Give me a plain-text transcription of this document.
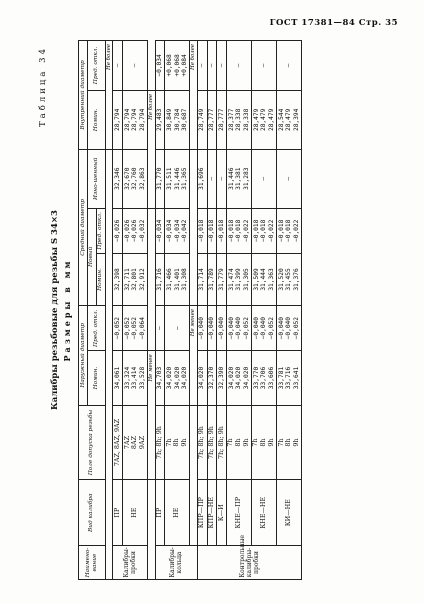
ГОСТ 17381—84 Стр. 35
Таблица 34
Калибры резьбовые для резьбы S 34×3 Размеры в мм
Наимено-вание	Вид калибра	Поле допуска резьбы	Наружный диаметр		Средний диаметр			Внутренний диаметр	
			Номин.	Пред. откл.	Новый		Изно-шенный	Номин.	Пред. откл.
					Номин.	Пред. откл.			
								Не более	
Калибры-пробки	ПР	7AZ, 8AZ, 9AZ	34,061	−0,052	32,398	−0,026	32,346	28,794	—

	НЕ	7AZ 8AZ 9AZ	33,324 33,414 33,528	−0,052 −0,052 −0,064	32,711 32,801 32,912	−0,026 −0,026 −0,032	32,670 32,760 32,863	28,794 28,794 28,794	—

		Не менее					Не более		
Калибры-кольца	ПР	7h; 8h; 9h	34,703	—	31,716	−0,034	31,770	29,483	−0,034

	НЕ	7h 8h 9h	34,020 34,020 34,020	—	31,466 31,401 31,308	−0,034 −0,034 −0,042	31,511 31,446 31,365	30,849 30,784 30,687	+0,068 +0,068 +0,084

			Не менее					Не более	
Контрольные калибры-пробки	КПР—ПР	7h; 8h; 9h	34,020	−0,040	31,714	−0,018	31,696	28,749	—

	КПР—НЕ	7h; 8h; 9h	32,370	−0,040	31,789	−0,018	—	28,777	—

	К—И	7h; 8h; 9h	32,390	−0,040	31,779	−0,018	—	28,777	—

	КНЕ—ПР	7h 8h 9h	34,020 34,020 34,020	−0,040 −0,040 −0,052	31,474 31,399 31,305	−0,018 −0,018 −0,022	31,446 31,381 31,283	28,377 28,338 28,338	—

	КНЕ—НЕ	7h 8h 9h	33,770 33,706 33,606	−0,040 −0,040 −0,052	31,509 31,444 31,363	−0,018 −0,018 −0,022	—	28,479 28,479 28,479	—

	КИ—НЕ	7h 8h 9h	33,781 33,716 33,641	−0,040 −0,040 −0,052	31,520 31,455 31,376	−0,018 −0,018 −0,022	—	28,544 28,479 28,394	—
